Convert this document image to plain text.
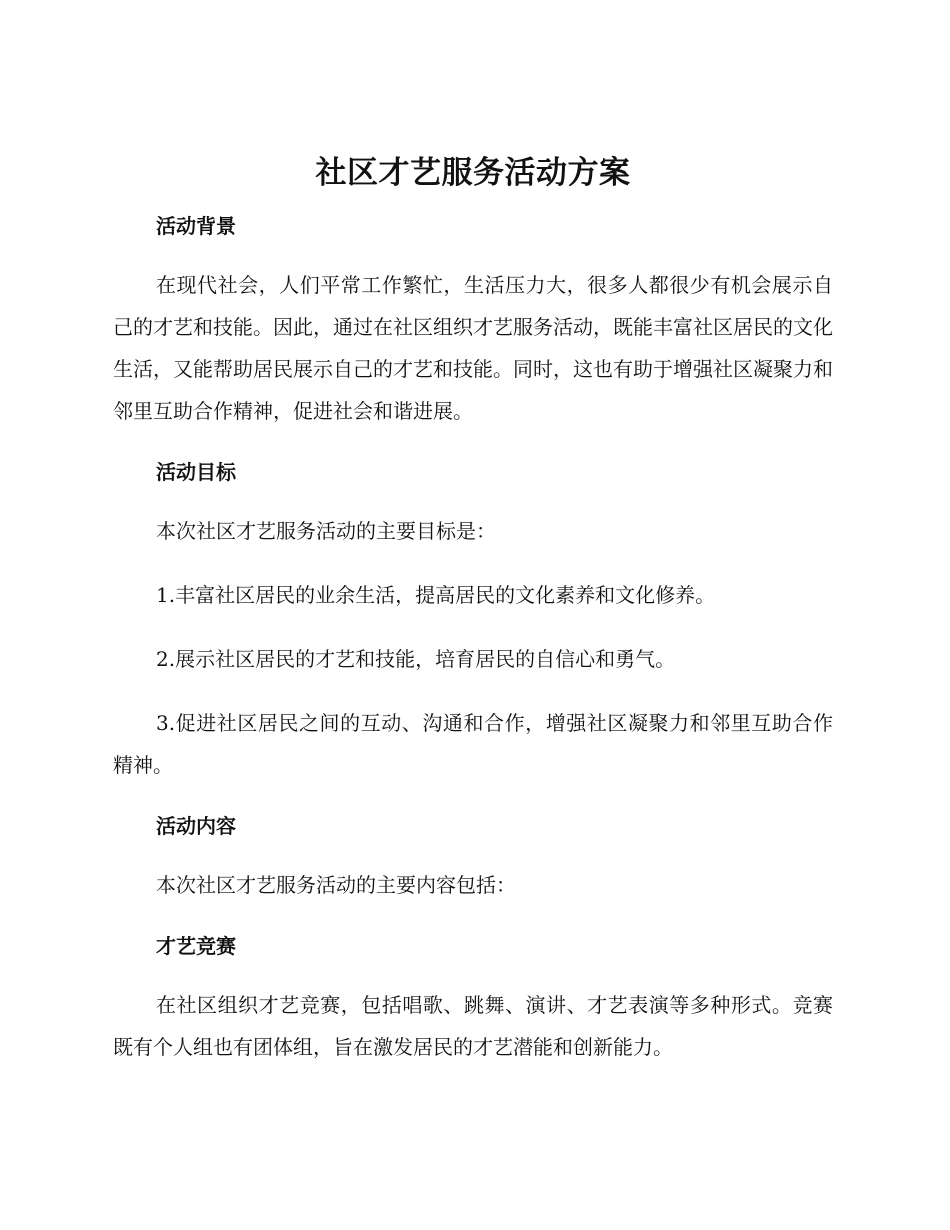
社区才艺服务活动方案
活动背景

在现代社会，人们平常工作繁忙，生活压力大，很多人都很少有机会展示自己的才艺和技能。因此，通过在社区组织才艺服务活动，既能丰富社区居民的文化生活，又能帮助居民展示自己的才艺和技能。同时，这也有助于增强社区凝聚力和邻里互助合作精神，促进社会和谐进展。

活动目标

本次社区才艺服务活动的主要目标是：

1.丰富社区居民的业余生活，提高居民的文化素养和文化修养。

2.展示社区居民的才艺和技能，培育居民的自信心和勇气。

3.促进社区居民之间的互动、沟通和合作，增强社区凝聚力和邻里互助合作精神。

活动内容

本次社区才艺服务活动的主要内容包括：

才艺竞赛

在社区组织才艺竞赛，包括唱歌、跳舞、演讲、才艺表演等多种形式。竞赛既有个人组也有团体组，旨在激发居民的才艺潜能和创新能力。
